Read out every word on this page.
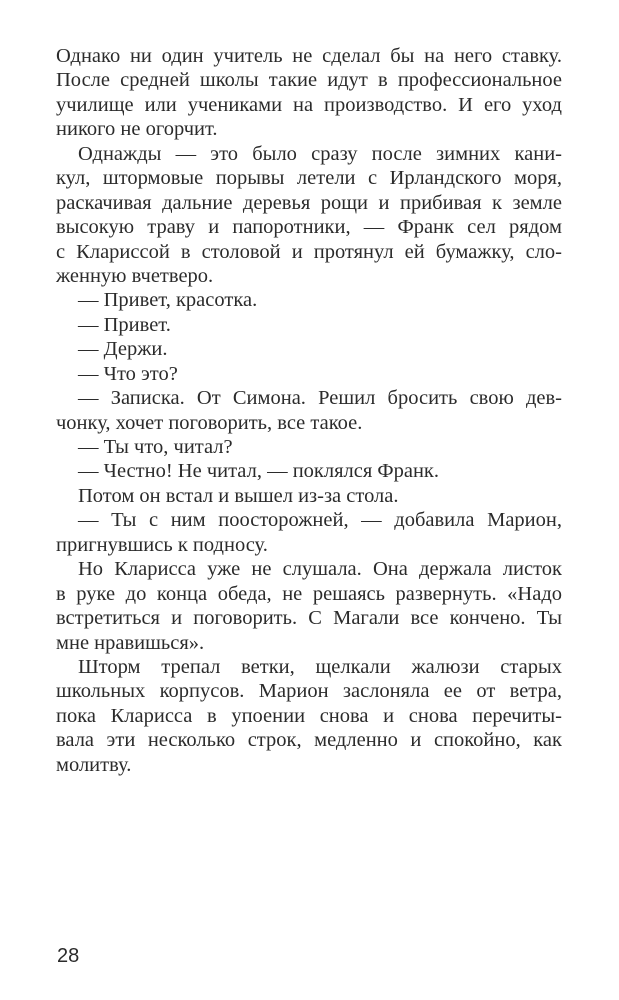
Однако ни один учитель не сделал бы на него ставку.
После средней школы такие идут в профессиональное
училище или учениками на производство. И его уход
никого не огорчит.
Однажды — это было сразу после зимних кани-
кул, штормовые порывы летели с Ирландского моря,
раскачивая дальние деревья рощи и прибивая к земле
высокую траву и папоротники, — Франк сел рядом
с Клариссой в столовой и протянул ей бумажку, сло-
женную вчетверо.
— Привет, красотка.
— Привет.
— Держи.
— Что это?
— Записка. От Симона. Решил бросить свою дев-
чонку, хочет поговорить, все такое.
— Ты что, читал?
— Честно! Не читал, — поклялся Франк.
Потом он встал и вышел из-за стола.
— Ты с ним поосторожней, — добавила Марион,
пригнувшись к подносу.
Но Кларисса уже не слушала. Она держала листок
в руке до конца обеда, не решаясь развернуть. «Надо
встретиться и поговорить. С Магали все кончено. Ты
мне нравишься».
Шторм трепал ветки, щелкали жалюзи старых
школьных корпусов. Марион заслоняла ее от ветра,
пока Кларисса в упоении снова и снова перечиты-
вала эти несколько строк, медленно и спокойно, как
молитву.
28
